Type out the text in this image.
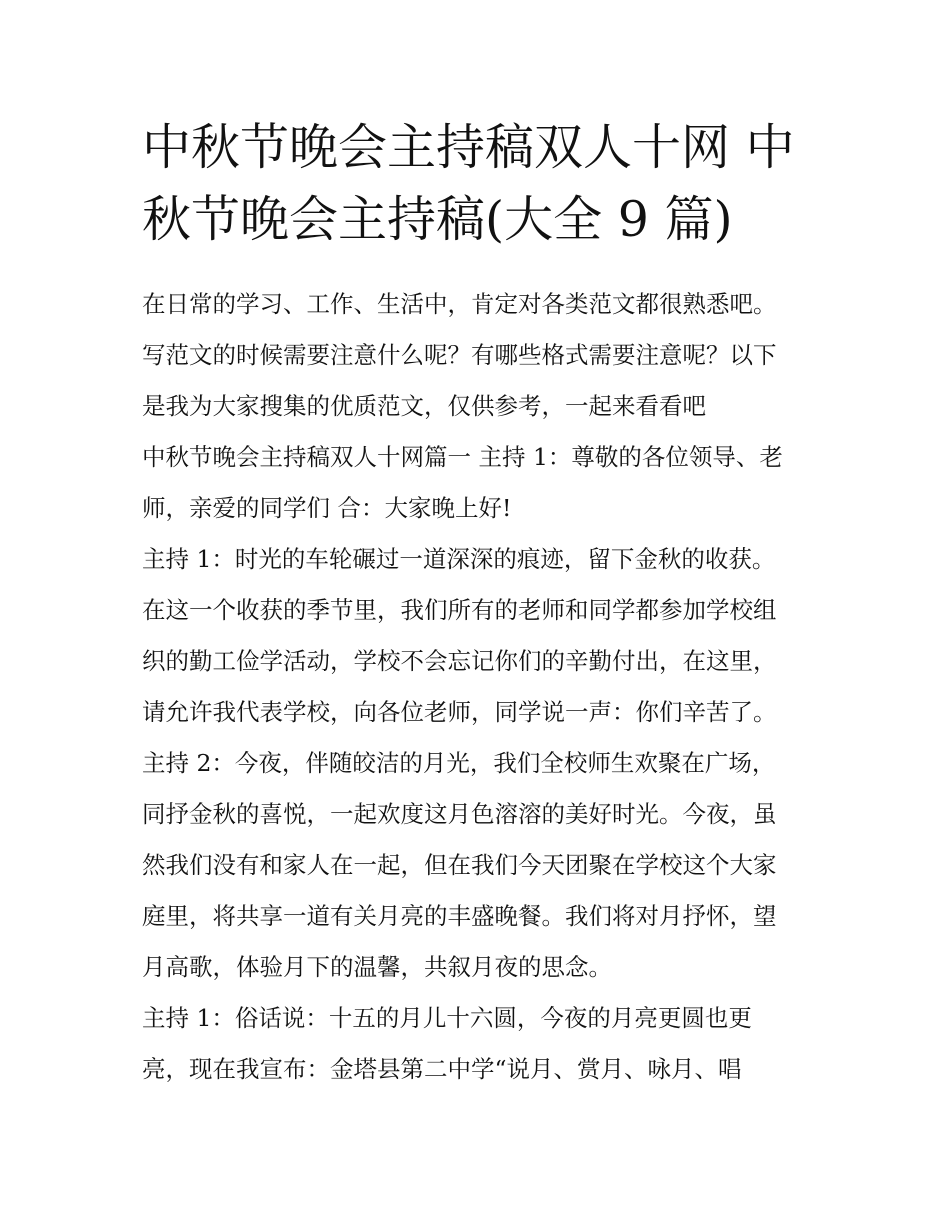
中秋节晚会主持稿双人十网 中
秋节晚会主持稿(大全 9 篇)
在日常的学习、工作、生活中，肯定对各类范文都很熟悉吧。
写范文的时候需要注意什么呢？有哪些格式需要注意呢？以下
是我为大家搜集的优质范文，仅供参考，一起来看看吧
中秋节晚会主持稿双人十网篇一 主持 1：尊敬的各位领导、老
师，亲爱的同学们 合：大家晚上好!
主持 1：时光的车轮碾过一道深深的痕迹，留下金秋的收获。
在这一个收获的季节里，我们所有的老师和同学都参加学校组
织的勤工俭学活动，学校不会忘记你们的辛勤付出，在这里，
请允许我代表学校，向各位老师，同学说一声：你们辛苦了。
主持 2：今夜，伴随皎洁的月光，我们全校师生欢聚在广场，
同抒金秋的喜悦，一起欢度这月色溶溶的美好时光。今夜，虽
然我们没有和家人在一起，但在我们今天团聚在学校这个大家
庭里，将共享一道有关月亮的丰盛晚餐。我们将对月抒怀，望
月高歌，体验月下的温馨，共叙月夜的思念。
主持 1：俗话说：十五的月儿十六圆，今夜的月亮更圆也更
亮，现在我宣布：金塔县第二中学“说月、赏月、咏月、唱
